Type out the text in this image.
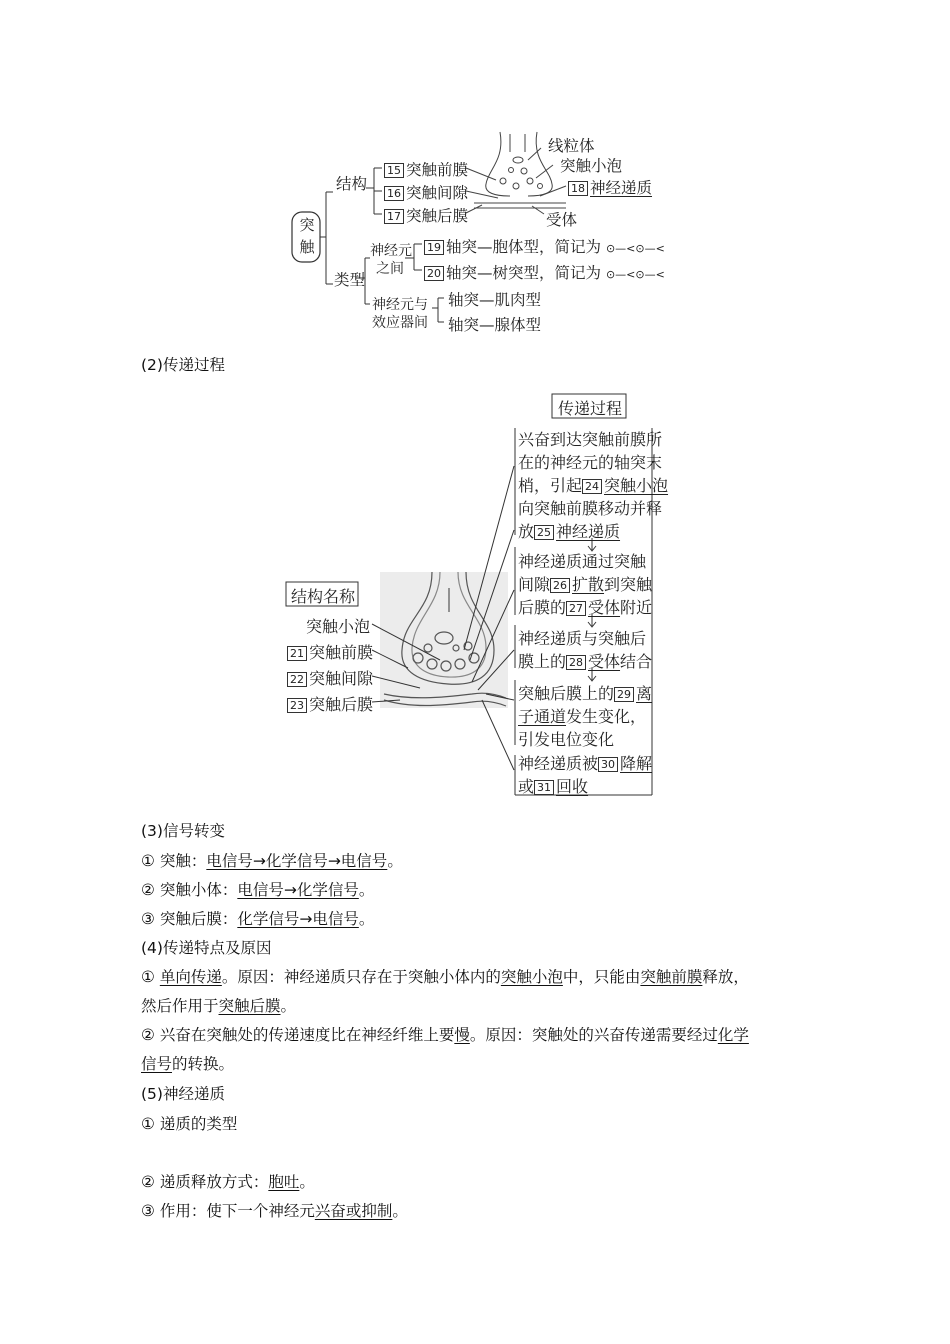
突触
结构
15 突触前膜
16 突触间隙
17 突触后膜
线粒体
突触小泡
18 神经递质
受体
类型
神经元
之间
19 轴突—胞体型，简记为 ⊙—<⊙—<
20 轴突—树突型，简记为 ⊙—<⊙—<
神经元与
效应器间
轴突—肌肉型
轴突—腺体型
(2)传递过程
结构名称
突触小泡
21 突触前膜
22 突触间隙
23 突触后膜
传递过程
兴奋到达突触前膜所
在的神经元的轴突末
梢，引起 24 突触小泡
向突触前膜移动并释
放 25 神经递质
神经递质通过突触
间隙 26 扩散到突触
后膜的 27 受体附近
神经递质与突触后
膜上的 28 受体结合
突触后膜上的 29 离
子通道发生变化，
引发电位变化
神经递质被 30 降解
或 31 回收
(3)信号转变
① 突触：电信号→化学信号→电信号。
② 突触小体：电信号→化学信号。
③ 突触后膜：化学信号→电信号。
(4)传递特点及原因
① 单向传递。原因：神经递质只存在于突触小体内的突触小泡中，只能由突触前膜释放，
然后作用于突触后膜。
② 兴奋在突触处的传递速度比在神经纤维上要慢。原因：突触处的兴奋传递需要经过化学
信号的转换。
(5)神经递质
① 递质的类型
② 递质释放方式：胞吐。
③ 作用：使下一个神经元兴奋或抑制。
